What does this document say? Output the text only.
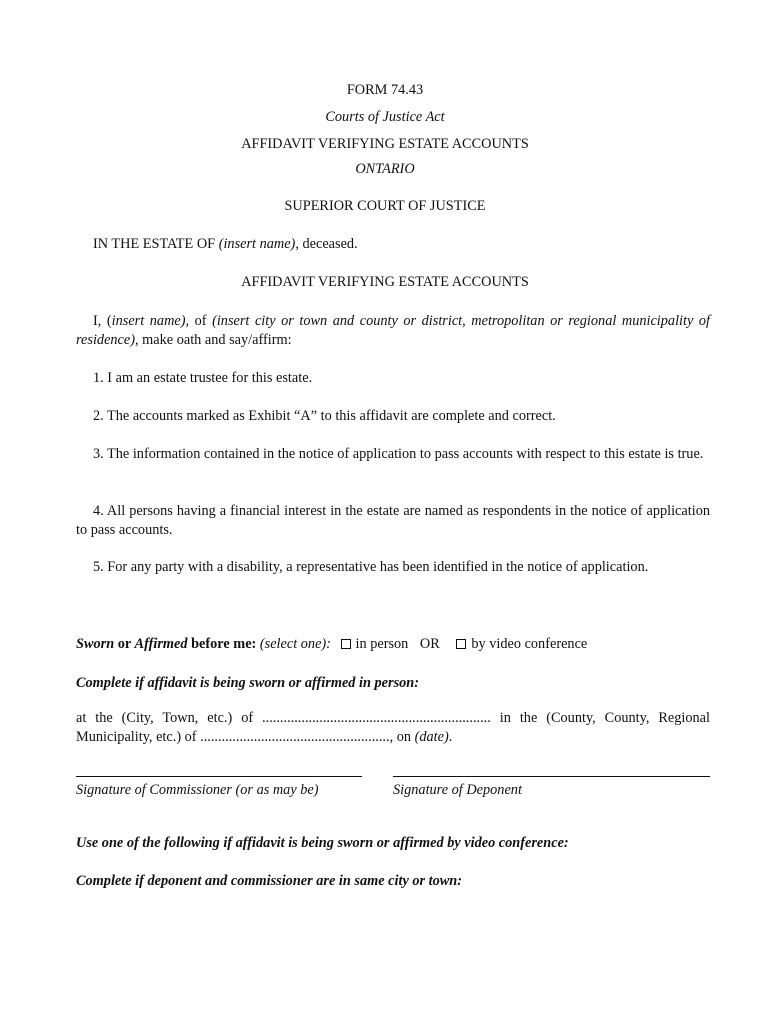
FORM 74.43
Courts of Justice Act
AFFIDAVIT VERIFYING ESTATE ACCOUNTS
ONTARIO
SUPERIOR COURT OF JUSTICE
IN THE ESTATE OF (insert name), deceased.
AFFIDAVIT VERIFYING ESTATE ACCOUNTS
I, (insert name), of (insert city or town and county or district, metropolitan or regional municipality of residence), make oath and say/affirm:
1. I am an estate trustee for this estate.
2. The accounts marked as Exhibit “A” to this affidavit are complete and correct.
3. The information contained in the notice of application to pass accounts with respect to this estate is true.
4. All persons having a financial interest in the estate are named as respondents in the notice of application to pass accounts.
5. For any party with a disability, a representative has been identified in the notice of application.
Sworn or Affirmed before me: (select one): in person OR by video conference
Complete if affidavit is being sworn or affirmed in person:
at the (City, Town, etc.) of ................................................................ in the (County, County, Regional Municipality, etc.) of ....................................................., on (date).
Signature of Commissioner (or as may be)	Signature of Deponent
Use one of the following if affidavit is being sworn or affirmed by video conference:
Complete if deponent and commissioner are in same city or town:
